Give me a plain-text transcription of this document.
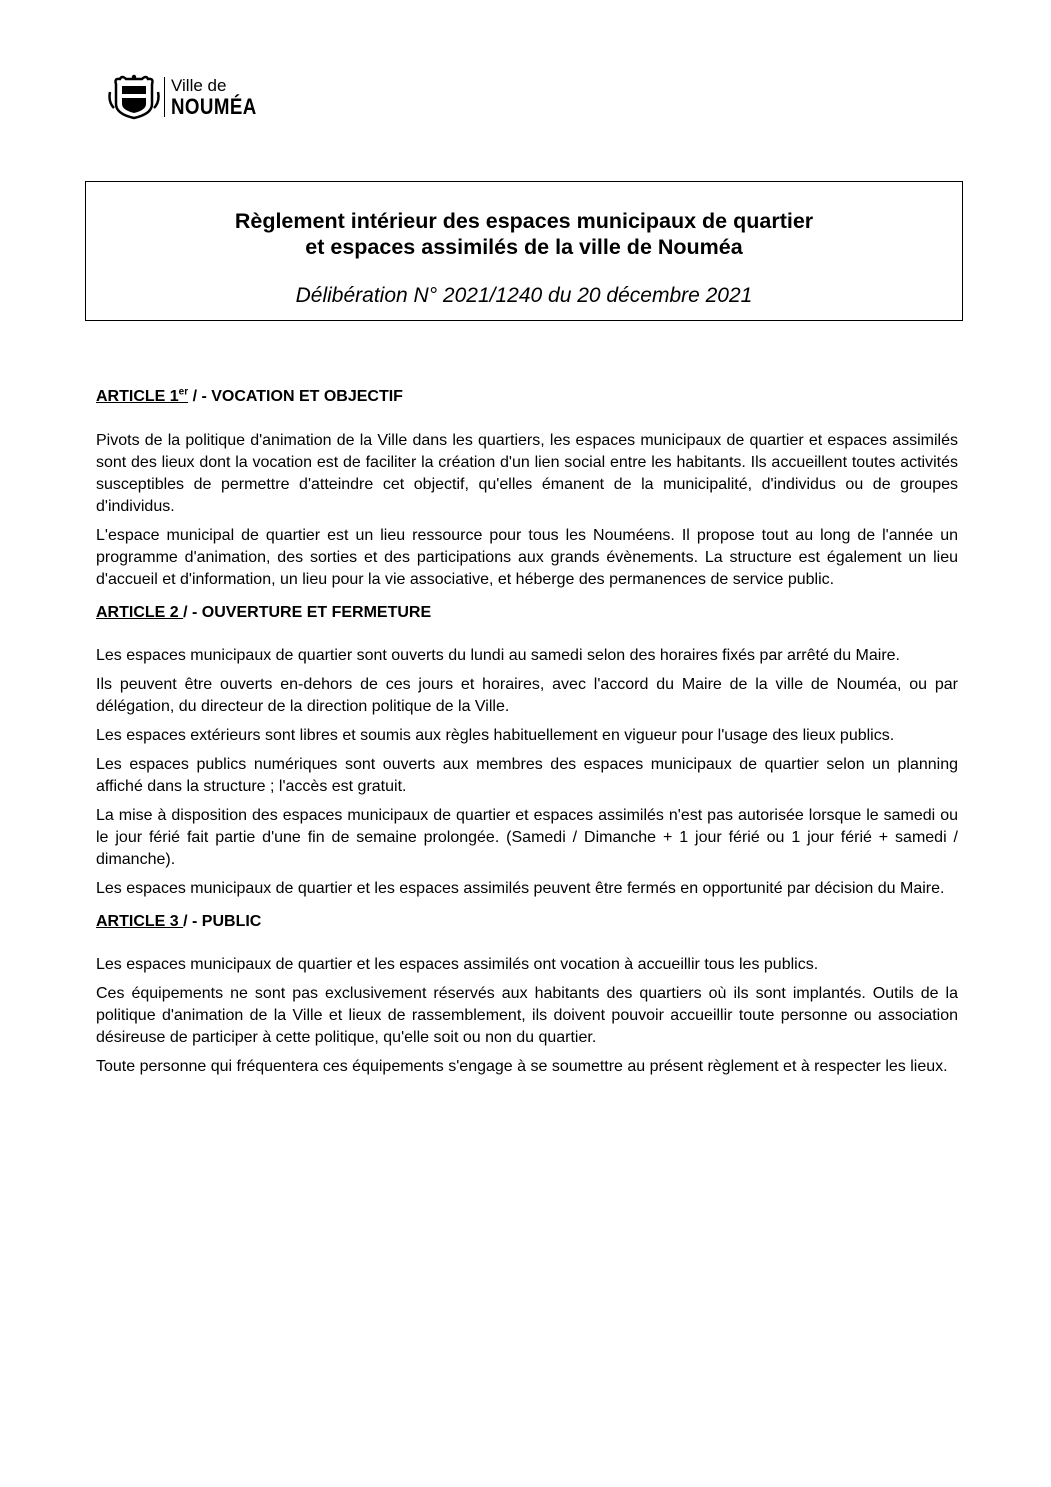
Ville de
NOUMÉA
Règlement intérieur des espaces municipaux de quartier
et espaces assimilés de la ville de Nouméa
Délibération N° 2021/1240 du 20 décembre 2021

ARTICLE 1er / - VOCATION ET OBJECTIF

Pivots de la politique d'animation de la Ville dans les quartiers, les espaces municipaux de quartier et espaces assimilés sont des lieux dont la vocation est de faciliter la création d'un lien social entre les habitants. Ils accueillent toutes activités susceptibles de permettre d'atteindre cet objectif, qu'elles émanent de la municipalité, d'individus ou de groupes d'individus.

L'espace municipal de quartier est un lieu ressource pour tous les Nouméens. Il propose tout au long de l'année un programme d'animation, des sorties et des participations aux grands évènements. La structure est également un lieu d'accueil et d'information, un lieu pour la vie associative, et héberge des permanences de service public.

ARTICLE 2 / - OUVERTURE ET FERMETURE

Les espaces municipaux de quartier sont ouverts du lundi au samedi selon des horaires fixés par arrêté du Maire.

Ils peuvent être ouverts en-dehors de ces jours et horaires, avec l'accord du Maire de la ville de Nouméa, ou par délégation, du directeur de la direction politique de la Ville.

Les espaces extérieurs sont libres et soumis aux règles habituellement en vigueur pour l'usage des lieux publics.

Les espaces publics numériques sont ouverts aux membres des espaces municipaux de quartier selon un planning affiché dans la structure ; l'accès est gratuit.

La mise à disposition des espaces municipaux de quartier et espaces assimilés n'est pas autorisée lorsque le samedi ou le jour férié fait partie d'une fin de semaine prolongée. (Samedi / Dimanche + 1 jour férié ou 1 jour férié + samedi / dimanche).

Les espaces municipaux de quartier et les espaces assimilés peuvent être fermés en opportunité par décision du Maire.

ARTICLE 3 / - PUBLIC

Les espaces municipaux de quartier et les espaces assimilés ont vocation à accueillir tous les publics.

Ces équipements ne sont pas exclusivement réservés aux habitants des quartiers où ils sont implantés. Outils de la politique d'animation de la Ville et lieux de rassemblement, ils doivent pouvoir accueillir toute personne ou association désireuse de participer à cette politique, qu'elle soit ou non du quartier.

Toute personne qui fréquentera ces équipements s'engage à se soumettre au présent règlement et à respecter les lieux.
